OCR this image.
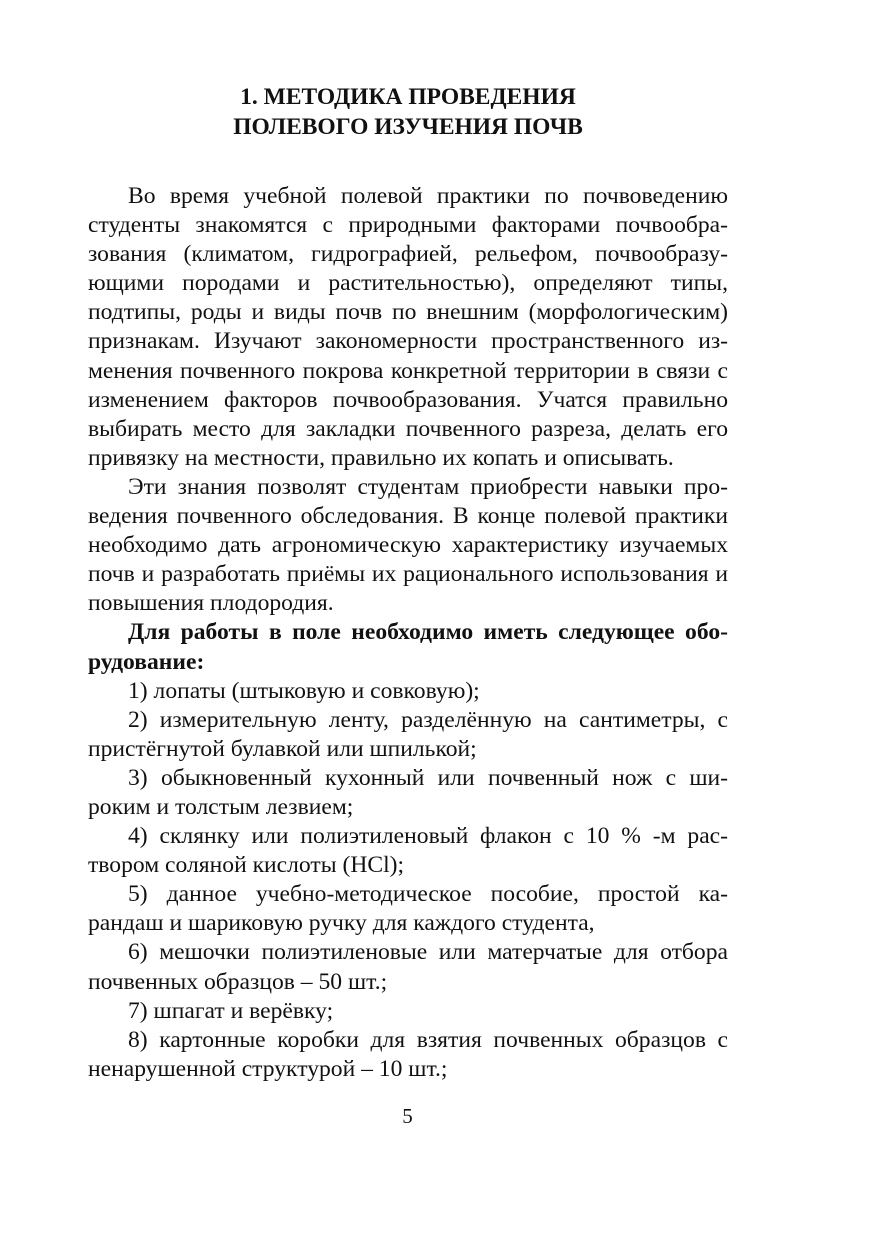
1. МЕТОДИКА ПРОВЕДЕНИЯ
ПОЛЕВОГО ИЗУЧЕНИЯ ПОЧВ

Во время учебной полевой практики по почвоведению студенты знакомятся с природными факторами почвообразования (климатом, гидрографией, рельефом, почвообразующими породами и растительностью), определяют типы, подтипы, роды и виды почв по внешним (морфологическим) признакам. Изучают закономерности пространственного изменения почвенного покрова конкретной территории в связи с изменением факторов почвообразования. Учатся правильно выбирать место для закладки почвенного разреза, делать его привязку на местности, правильно их копать и описывать.

Эти знания позволят студентам приобрести навыки проведения почвенного обследования. В конце полевой практики необходимо дать агрономическую характеристику изучаемых почв и разработать приёмы их рационального использования и повышения плодородия.

Для работы в поле необходимо иметь следующее оборудование:

1) лопаты (штыковую и совковую);
2) измерительную ленту, разделённую на сантиметры, с пристёгнутой булавкой или шпилькой;
3) обыкновенный кухонный или почвенный нож с широким и толстым лезвием;
4) склянку или полиэтиленовый флакон с 10 % -м раствором соляной кислоты (HCl);
5) данное учебно-методическое пособие, простой карандаш и шариковую ручку для каждого студента,
6) мешочки полиэтиленовые или матерчатые для отбора почвенных образцов – 50 шт.;
7) шпагат и верёвку;
8) картонные коробки для взятия почвенных образцов с ненарушенной структурой – 10 шт.;
5
